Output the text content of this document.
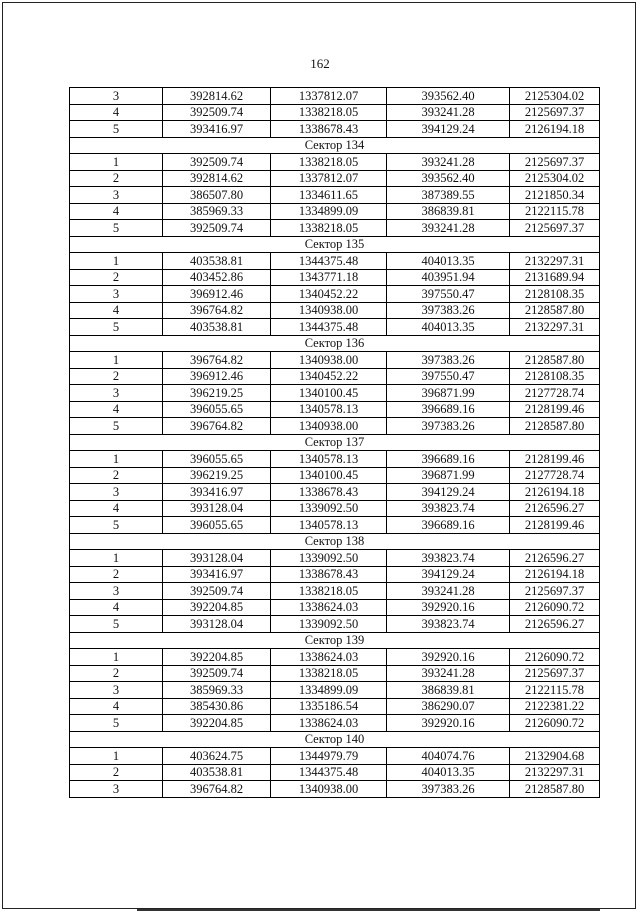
162
3	392814.62	1337812.07	393562.40	2125304.02
4	392509.74	1338218.05	393241.28	2125697.37
5	393416.97	1338678.43	394129.24	2126194.18
Сектор 134				
1	392509.74	1338218.05	393241.28	2125697.37
2	392814.62	1337812.07	393562.40	2125304.02
3	386507.80	1334611.65	387389.55	2121850.34
4	385969.33	1334899.09	386839.81	2122115.78
5	392509.74	1338218.05	393241.28	2125697.37
Сектор 135				
1	403538.81	1344375.48	404013.35	2132297.31
2	403452.86	1343771.18	403951.94	2131689.94
3	396912.46	1340452.22	397550.47	2128108.35
4	396764.82	1340938.00	397383.26	2128587.80
5	403538.81	1344375.48	404013.35	2132297.31
Сектор 136				
1	396764.82	1340938.00	397383.26	2128587.80
2	396912.46	1340452.22	397550.47	2128108.35
3	396219.25	1340100.45	396871.99	2127728.74
4	396055.65	1340578.13	396689.16	2128199.46
5	396764.82	1340938.00	397383.26	2128587.80
Сектор 137				
1	396055.65	1340578.13	396689.16	2128199.46
2	396219.25	1340100.45	396871.99	2127728.74
3	393416.97	1338678.43	394129.24	2126194.18
4	393128.04	1339092.50	393823.74	2126596.27
5	396055.65	1340578.13	396689.16	2128199.46
Сектор 138				
1	393128.04	1339092.50	393823.74	2126596.27
2	393416.97	1338678.43	394129.24	2126194.18
3	392509.74	1338218.05	393241.28	2125697.37
4	392204.85	1338624.03	392920.16	2126090.72
5	393128.04	1339092.50	393823.74	2126596.27
Сектор 139				
1	392204.85	1338624.03	392920.16	2126090.72
2	392509.74	1338218.05	393241.28	2125697.37
3	385969.33	1334899.09	386839.81	2122115.78
4	385430.86	1335186.54	386290.07	2122381.22
5	392204.85	1338624.03	392920.16	2126090.72
Сектор 140				
1	403624.75	1344979.79	404074.76	2132904.68
2	403538.81	1344375.48	404013.35	2132297.31
3	396764.82	1340938.00	397383.26	2128587.80
